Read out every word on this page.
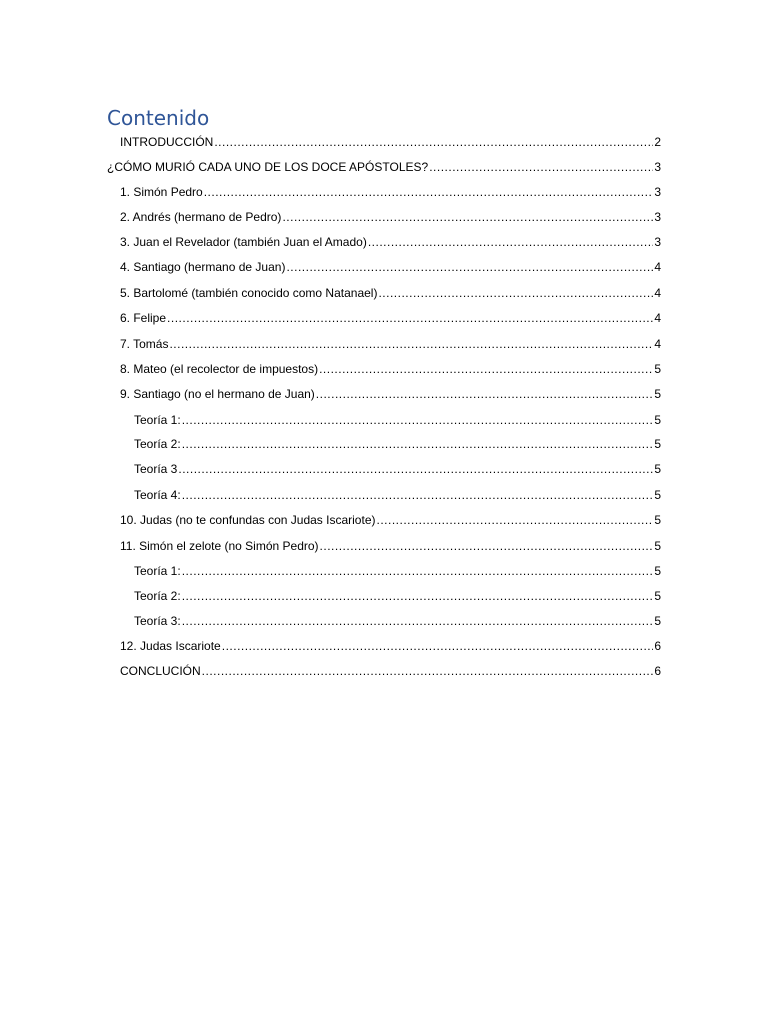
Contenido
INTRODUCCIÓN .....	2
¿CÓMO MURIÓ CADA UNO DE LOS DOCE APÓSTOLES? .....	3
1. Simón Pedro .....	3
2. Andrés (hermano de Pedro) .....	3
3. Juan el Revelador (también Juan el Amado) .....	3
4. Santiago (hermano de Juan) .....	4
5. Bartolomé (también conocido como Natanael) .....	4
6. Felipe .....	4
7. Tomás .....	4
8. Mateo (el recolector de impuestos) .....	5
9. Santiago (no el hermano de Juan) .....	5
Teoría 1: .....	5
Teoría 2: .....	5
Teoría 3 .....	5
Teoría 4: .....	5
10. Judas (no te confundas con Judas Iscariote) .....	5
11. Simón el zelote (no Simón Pedro) .....	5
Teoría 1: .....	5
Teoría 2: .....	5
Teoría 3: .....	5
12. Judas Iscariote .....	6
CONCLUCIÓN .....	6
